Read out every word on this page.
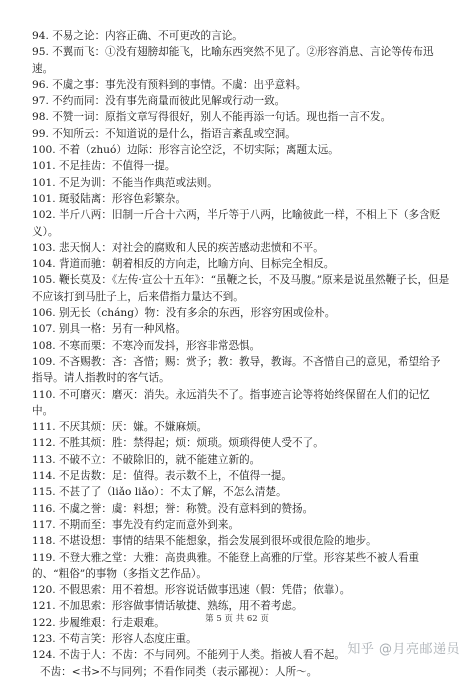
94. 不易之论：内容正确、不可更改的言论。
95. 不翼而飞：①没有翅膀却能飞，比喻东西突然不见了。②形容消息、言论等传布迅速。
96. 不虞之事：事先没有预料到的事情。不虞：出乎意料。
97. 不约而同：没有事先商量而彼此见解或行动一致。
98. 不赞一词：原指文章写得很好，别人不能再添一句话。现也指一言不发。
99. 不知所云：不知道说的是什么，指语言紊乱或空洞。
100. 不着（zhuó）边际：形容言论空泛，不切实际；离题太远。
101. 不足挂齿：不值得一提。
101. 不足为训：不能当作典范或法则。
101. 斑驳陆离：形容色彩繁杂。
102. 半斤八两：旧制一斤合十六两，半斤等于八两，比喻彼此一样，不相上下（多含贬义）。
103. 悲天悯人：对社会的腐败和人民的疾苦感动悲愤和不平。
104. 背道而驰：朝着相反的方向走，比喻方向、目标完全相反。
105. 鞭长莫及：《左传·宣公十五年》：“虽鞭之长，不及马腹。”原来是说虽然鞭子长，但是不应该打到马肚子上，后来借指力量达不到。
106. 别无长（cháng）物：没有多余的东西，形容穷困或俭朴。
107. 别具一格：另有一种风格。
108. 不寒而栗：不寒冷而发抖，形容非常恐惧。
109. 不吝赐教：吝：吝惜；赐：赏予；教：教导，教诲。不吝惜自己的意见，希望给予指导。请人指教时的客气话。
110. 不可磨灭：磨灭：消失。永远消失不了。指事迹言论等将始终保留在人们的记忆中。
111. 不厌其烦：厌：嫌。不嫌麻烦。
112. 不胜其烦：胜：禁得起；烦：烦琐。烦琐得使人受不了。
113. 不破不立：不破除旧的，就不能建立新的。
114. 不足齿数：足：值得。表示数不上，不值得一提。
115. 不甚了了（liǎo liǎo）：不太了解，不怎么清楚。
116. 不虞之誉：虞：料想；誉：称赞。没有意料到的赞扬。
117. 不期而至：事先没有约定而意外到来。
118. 不堪设想：事情的结果不能想象，指会发展到很坏或很危险的地步。
119. 不登大雅之堂：大雅：高贵典雅。不能登上高雅的厅堂。形容某些不被人看重的、“粗俗”的事物（多指文艺作品）。
120. 不假思索：用不着想。形容说话做事迅速（假：凭借；依靠）。
121. 不加思索：形容做事情话敏捷、熟练，用不着考虑。
122. 步履维艰：行走艰难。
123. 不苟言笑：形容人态度庄重。
124. 不齿于人：不齿：不与同列。不能列于人类。指被人看不起。
不齿：<书>不与同列；不看作同类（表示鄙视）：人所～。
第 5 页 共 62 页
知乎 @月亮邮递员
